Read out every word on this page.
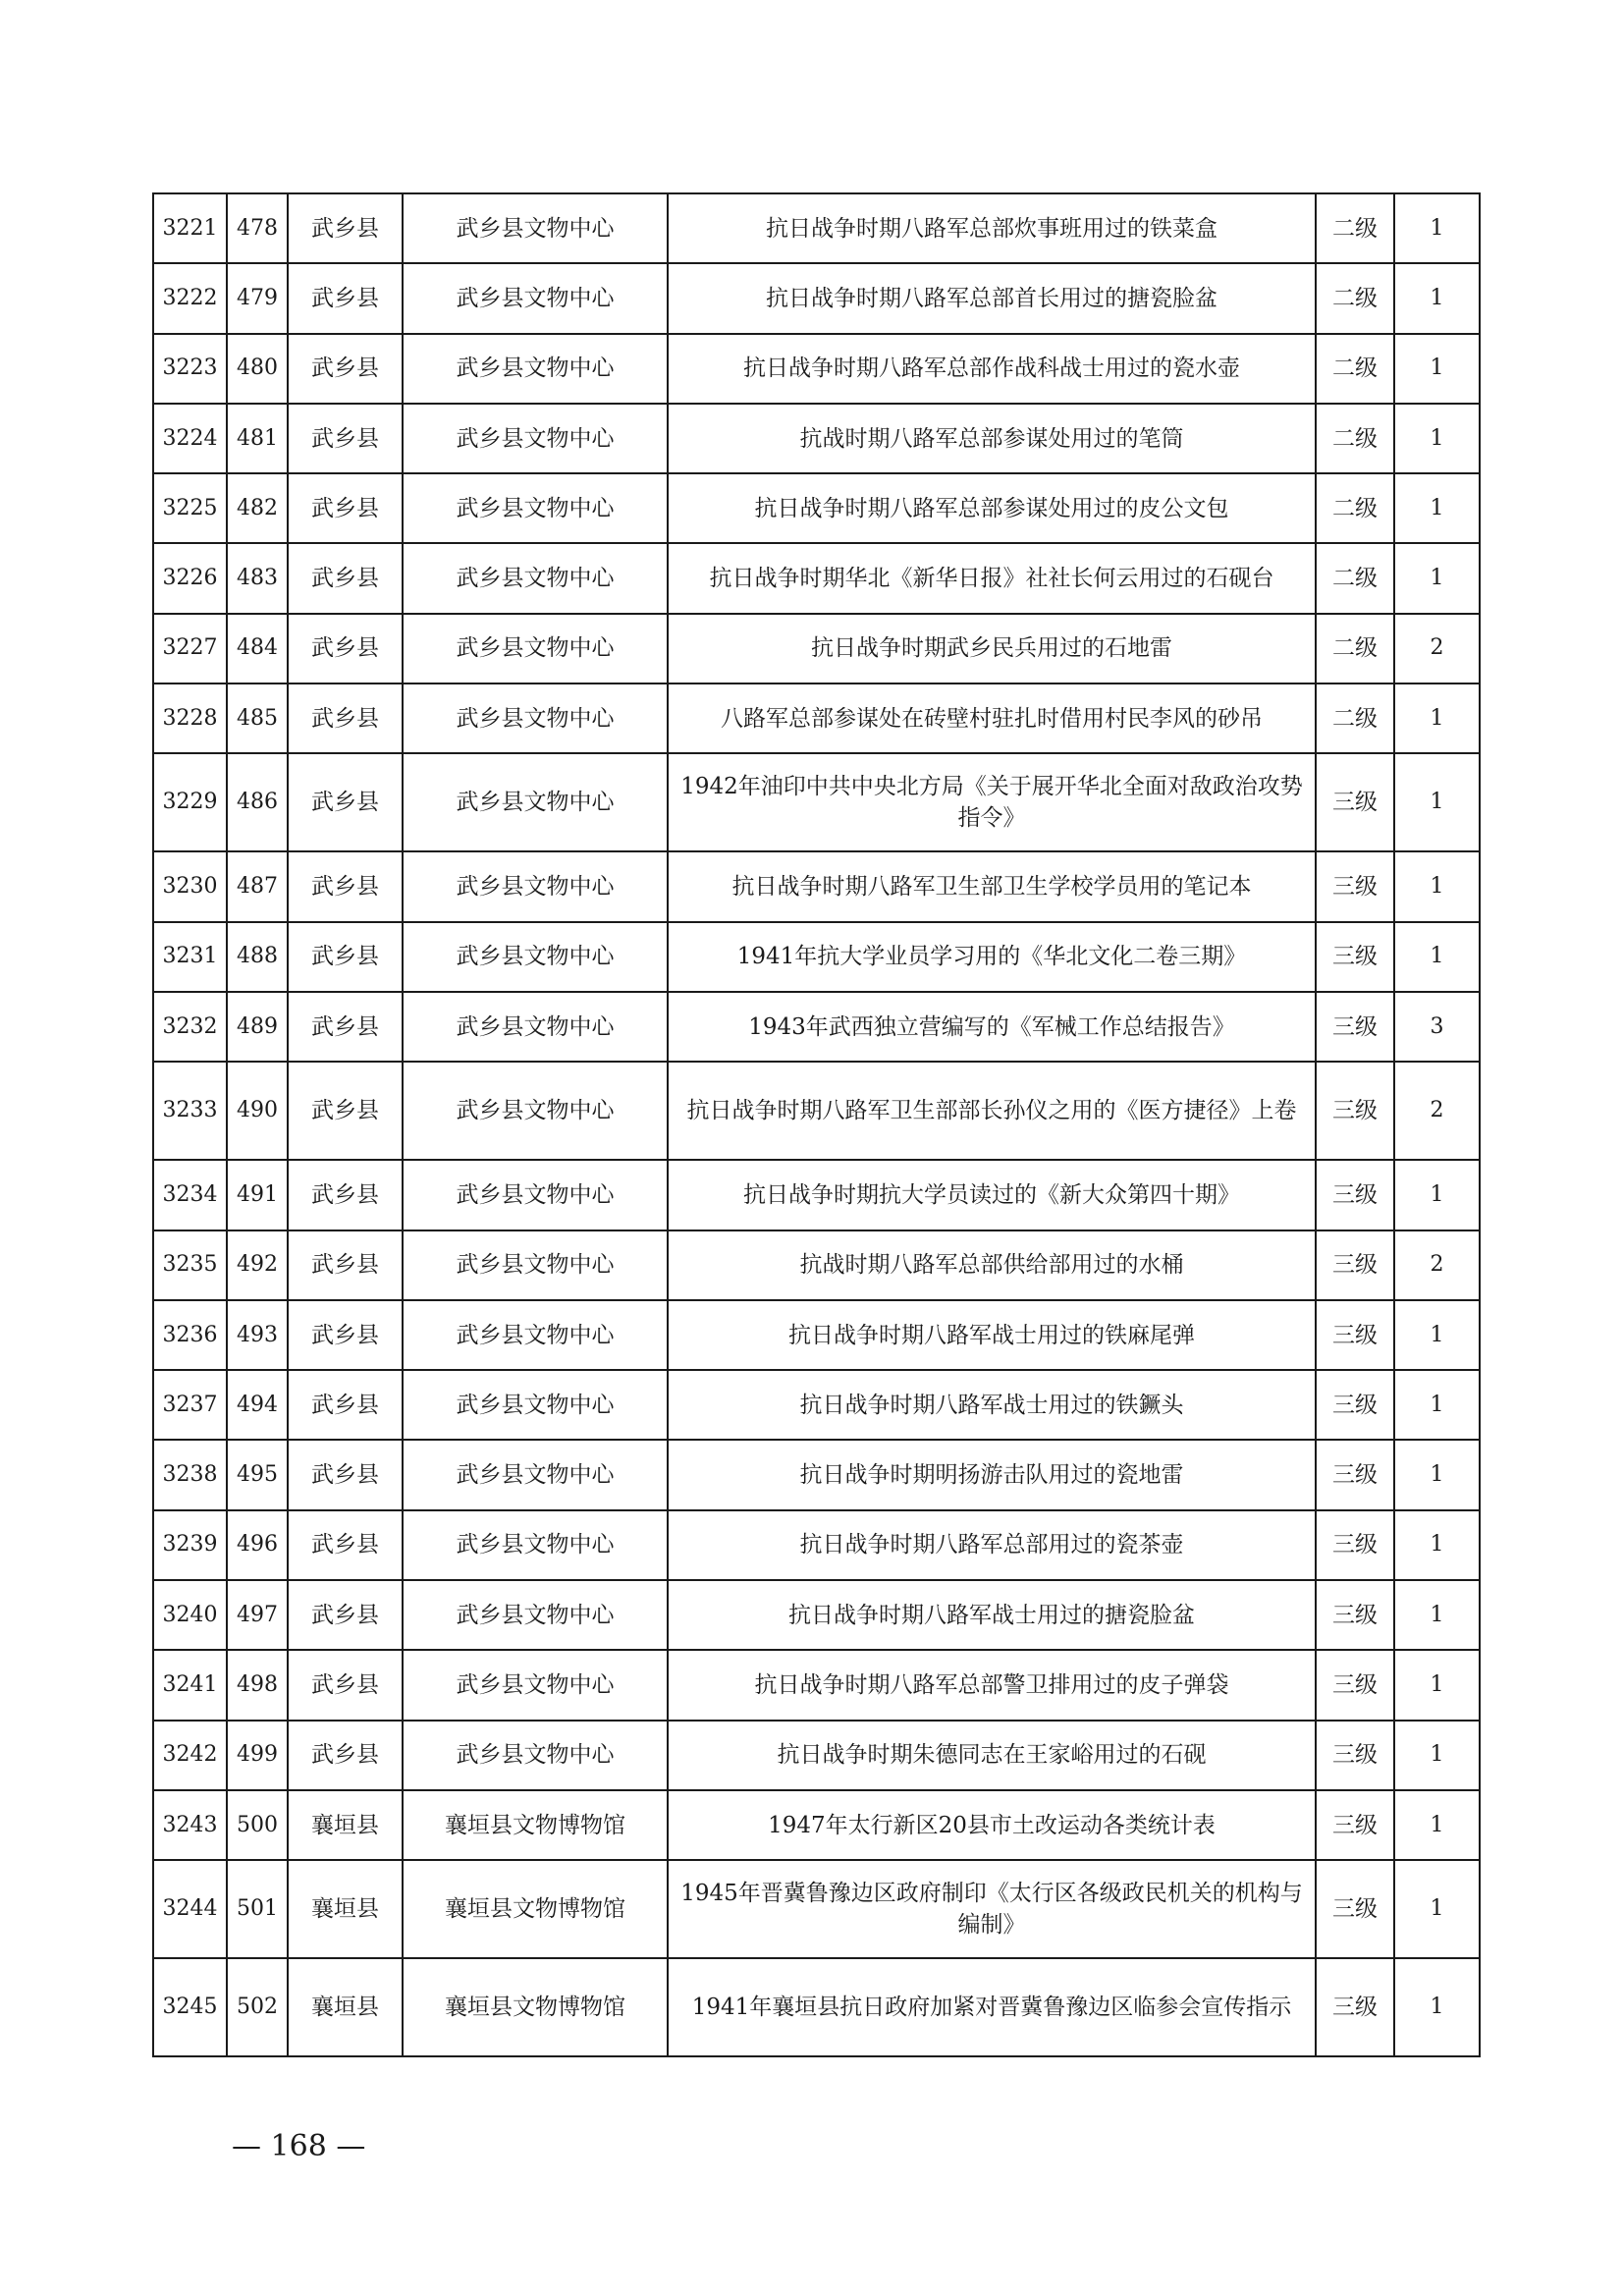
3221	478	武乡县	武乡县文物中心	抗日战争时期八路军总部炊事班用过的铁菜盒	二级	1
3222	479	武乡县	武乡县文物中心	抗日战争时期八路军总部首长用过的搪瓷脸盆	二级	1
3223	480	武乡县	武乡县文物中心	抗日战争时期八路军总部作战科战士用过的瓷水壶	二级	1
3224	481	武乡县	武乡县文物中心	抗战时期八路军总部参谋处用过的笔筒	二级	1
3225	482	武乡县	武乡县文物中心	抗日战争时期八路军总部参谋处用过的皮公文包	二级	1
3226	483	武乡县	武乡县文物中心	抗日战争时期华北《新华日报》社社长何云用过的石砚台	二级	1
3227	484	武乡县	武乡县文物中心	抗日战争时期武乡民兵用过的石地雷	二级	2
3228	485	武乡县	武乡县文物中心	八路军总部参谋处在砖壁村驻扎时借用村民李风的砂吊	二级	1
3229	486	武乡县	武乡县文物中心	1942年油印中共中央北方局《关于展开华北全面对敌政治攻势指令》	三级	1
3230	487	武乡县	武乡县文物中心	抗日战争时期八路军卫生部卫生学校学员用的笔记本	三级	1
3231	488	武乡县	武乡县文物中心	1941年抗大学业员学习用的《华北文化二卷三期》	三级	1
3232	489	武乡县	武乡县文物中心	1943年武西独立营编写的《军械工作总结报告》	三级	3
3233	490	武乡县	武乡县文物中心	抗日战争时期八路军卫生部部长孙仪之用的《医方捷径》上卷	三级	2
3234	491	武乡县	武乡县文物中心	抗日战争时期抗大学员读过的《新大众第四十期》	三级	1
3235	492	武乡县	武乡县文物中心	抗战时期八路军总部供给部用过的水桶	三级	2
3236	493	武乡县	武乡县文物中心	抗日战争时期八路军战士用过的铁麻尾弹	三级	1
3237	494	武乡县	武乡县文物中心	抗日战争时期八路军战士用过的铁鐝头	三级	1
3238	495	武乡县	武乡县文物中心	抗日战争时期明扬游击队用过的瓷地雷	三级	1
3239	496	武乡县	武乡县文物中心	抗日战争时期八路军总部用过的瓷茶壶	三级	1
3240	497	武乡县	武乡县文物中心	抗日战争时期八路军战士用过的搪瓷脸盆	三级	1
3241	498	武乡县	武乡县文物中心	抗日战争时期八路军总部警卫排用过的皮子弹袋	三级	1
3242	499	武乡县	武乡县文物中心	抗日战争时期朱德同志在王家峪用过的石砚	三级	1
3243	500	襄垣县	襄垣县文物博物馆	1947年太行新区20县市土改运动各类统计表	三级	1
3244	501	襄垣县	襄垣县文物博物馆	1945年晋冀鲁豫边区政府制印《太行区各级政民机关的机构与编制》	三级	1
3245	502	襄垣县	襄垣县文物博物馆	1941年襄垣县抗日政府加紧对晋冀鲁豫边区临参会宣传指示	三级	1
— 168 —
